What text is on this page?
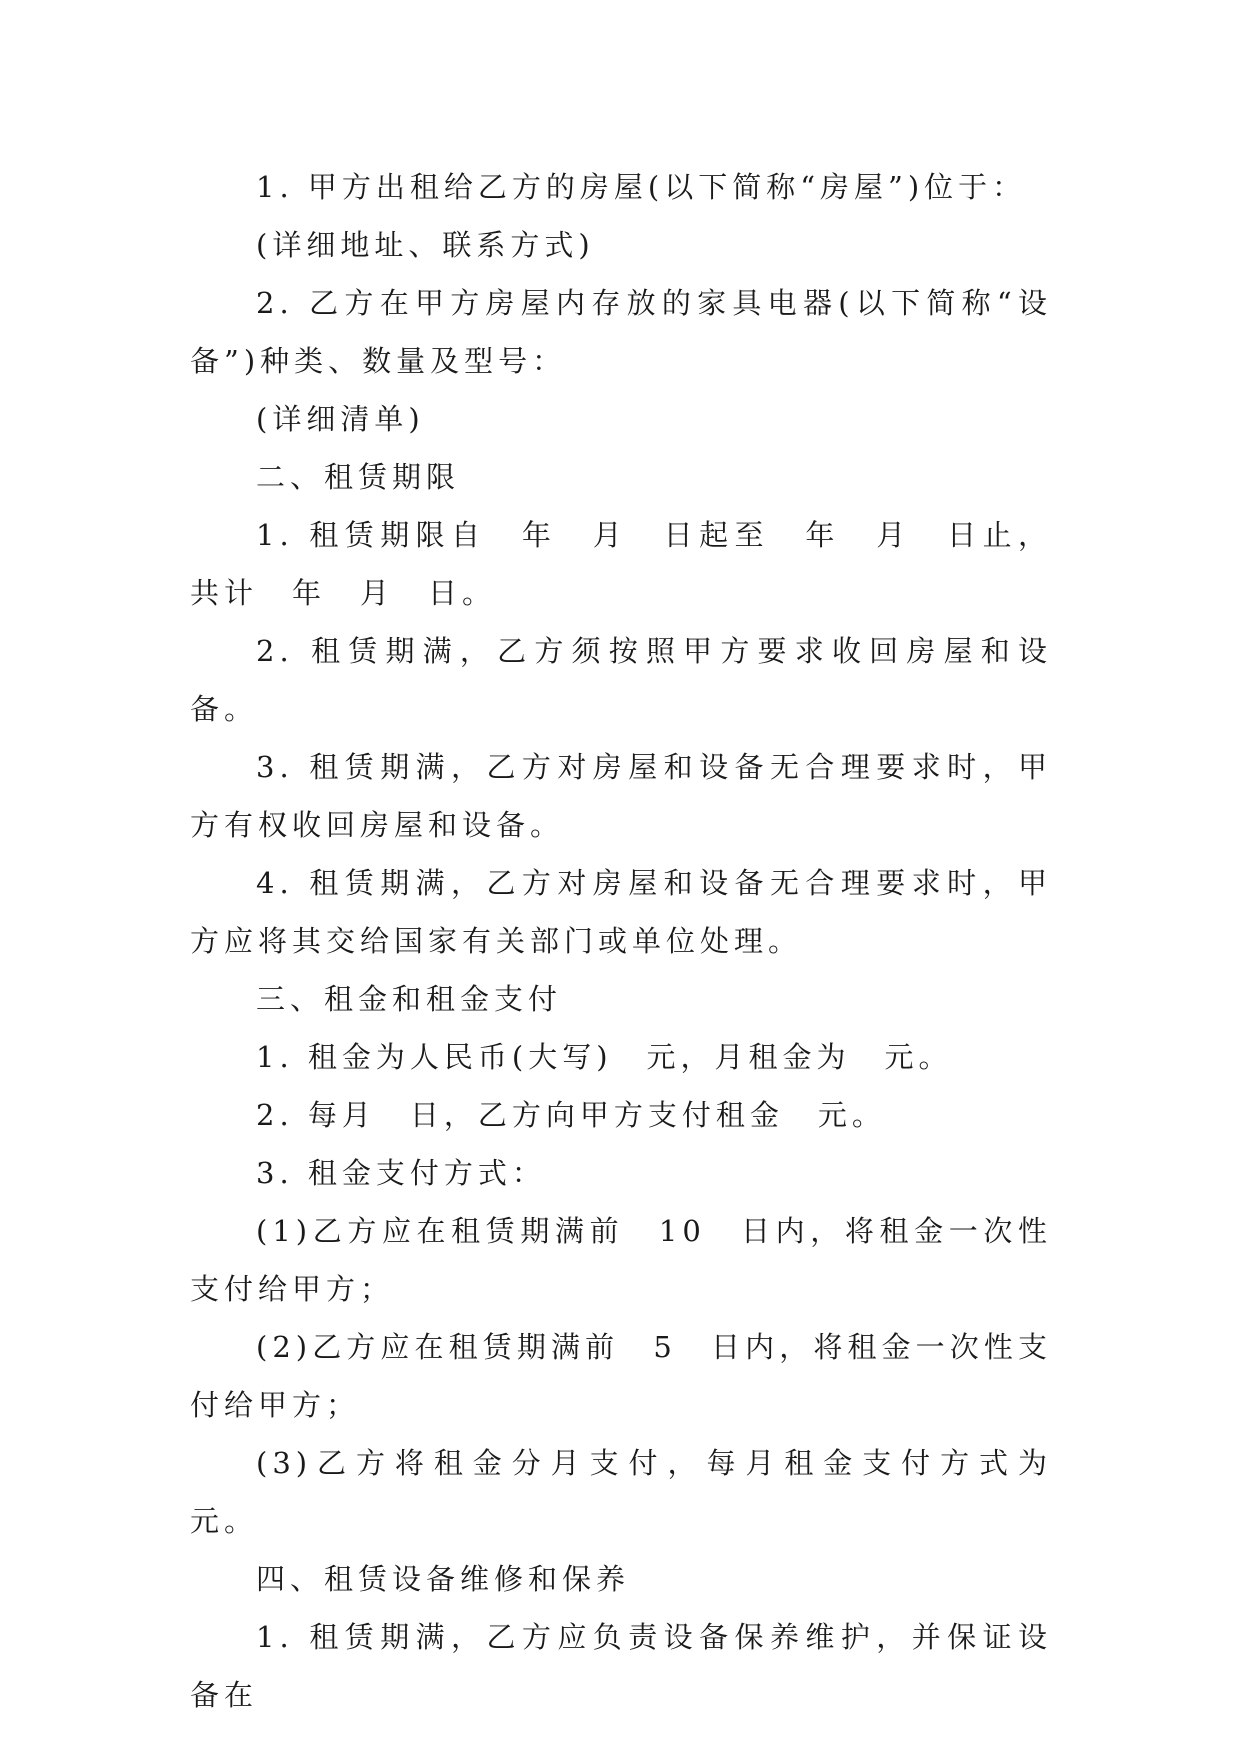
1. 甲方出租给乙方的房屋(以下简称“房屋”)位于：

(详细地址、联系方式)

2. 乙方在甲方房屋内存放的家具电器(以下简称“设备”)种类、数量及型号：

(详细清单)

二、租赁期限

1. 租赁期限自　年　月　日起至　年　月　日止，共计　年　月　日。

2. 租赁期满，乙方须按照甲方要求收回房屋和设备。

3. 租赁期满，乙方对房屋和设备无合理要求时，甲方有权收回房屋和设备。

4. 租赁期满，乙方对房屋和设备无合理要求时，甲方应将其交给国家有关部门或单位处理。

三、租金和租金支付

1. 租金为人民币(大写)　元，月租金为　元。

2. 每月　日，乙方向甲方支付租金　元。

3. 租金支付方式：

(1)乙方应在租赁期满前　10　日内，将租金一次性支付给甲方；

(2)乙方应在租赁期满前　5　日内，将租金一次性支付给甲方；

(3)乙方将租金分月支付，每月租金支付方式为　元。

四、租赁设备维修和保养

1. 租赁期满，乙方应负责设备保养维护，并保证设备在
